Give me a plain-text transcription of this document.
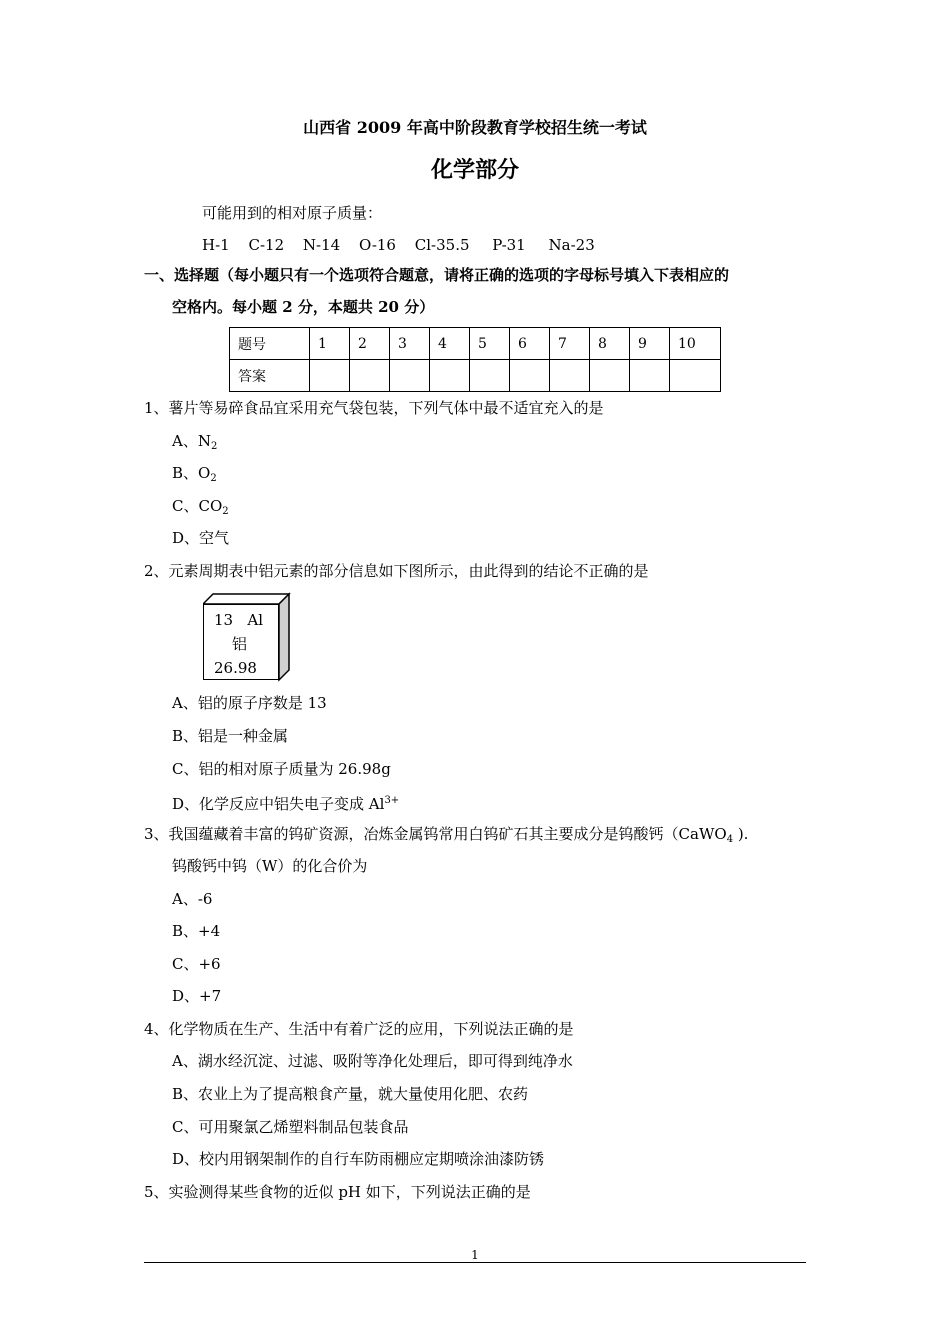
山西省 2009 年高中阶段教育学校招生统一考试
化学部分
可能用到的相对原子质量：
H-1 C-12 N-14 O-16 Cl-35.5 P-31 Na-23
一、选择题（每小题只有一个选项符合题意，请将正确的选项的字母标号填入下表相应的
空格内。每小题 2 分，本题共 20 分）
题号	1	2	3	4	5	6	7	8	9	10
答案										
1、薯片等易碎食品宜采用充气袋包装，下列气体中最不适宜充入的是
A、$N_2$
B、$O_2$
C、$CO_2$
D、空气
2、元素周期表中铝元素的部分信息如下图所示，由此得到的结论不正确的是
13 Al
铝
26.98
A、铝的原子序数是 13
B、铝是一种金属
C、铝的相对原子质量为 26.98g
D、化学反应中铝失电子变成 $Al^{3+}$
3、我国蕴藏着丰富的钨矿资源，冶炼金属钨常用白钨矿石其主要成分是钨酸钙（CaWO$_4$ ).
钨酸钙中钨（W）的化合价为
A、-6
B、+4
C、+6
D、+7
4、化学物质在生产、生活中有着广泛的应用，下列说法正确的是
A、湖水经沉淀、过滤、吸附等净化处理后，即可得到纯净水
B、农业上为了提高粮食产量，就大量使用化肥、农药
C、可用聚氯乙烯塑料制品包装食品
D、校内用钢架制作的自行车防雨棚应定期喷涂油漆防锈
5、实验测得某些食物的近似 pH 如下，下列说法正确的是
1
